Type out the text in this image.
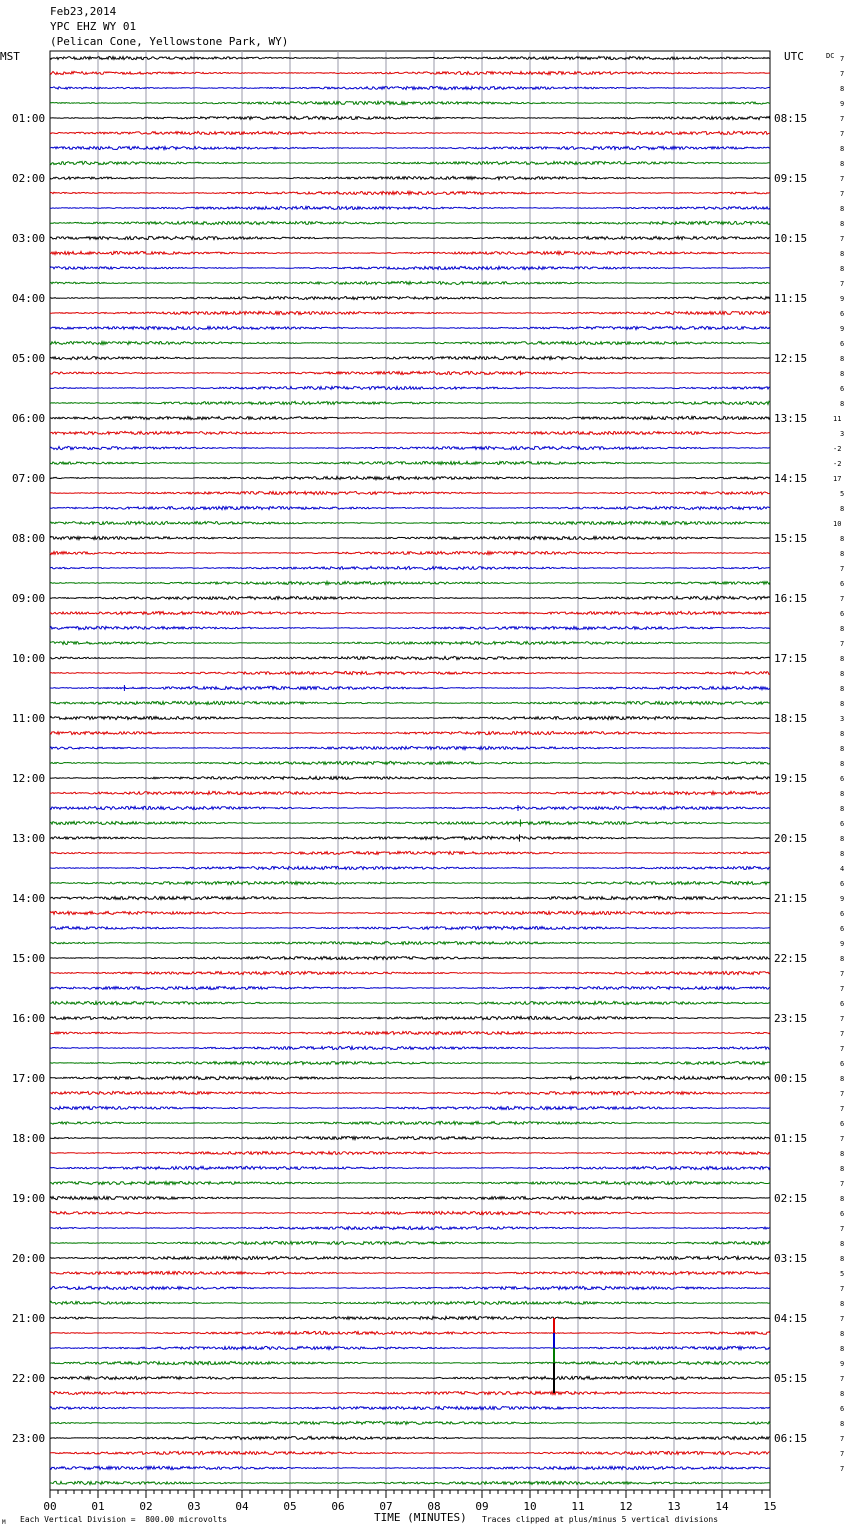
Feb23,2014
YPC EHZ WY 01
(Pelican Cone, Yellowstone Park, WY)
MST	UTC	DC 7
7
8
9
7
7
8
8
7
7
8
8
7
8
8
7
9
6
9
6
8
8
6
8
11
3
-2
-2
17
5
8
10
8
8
7
6
7
6
8
7
8
8
8
8
3
8
8
8
6
8
8
6
8
8
4
6
9
6
6
9
8
7
7
6
7
7
7
6
8
7
7
6
7
8
8
7
8
6
7
8
8
5
7
8
7
8
8
9
7
8
6
8
7
7
7
01:00
02:00
03:00
04:00
05:00
06:00
07:00
08:00
09:00
10:00
11:00
12:00
13:00
14:00
15:00
16:00
17:00
18:00
19:00
20:00
21:00
22:00
23:00
08:15
09:15
10:15
11:15
12:15
13:15
14:15
15:15
16:15
17:15
18:15
19:15
20:15
21:15
22:15
23:15
00:15
01:15
02:15
03:15
04:15
05:15
06:15
00	01	02	03	04	05	06	07	08	09	10	11	12	13	14	15
Each Vertical Division =  800.00 microvolts	TIME (MINUTES) Traces clipped at plus/minus 5 vertical divisions
M
